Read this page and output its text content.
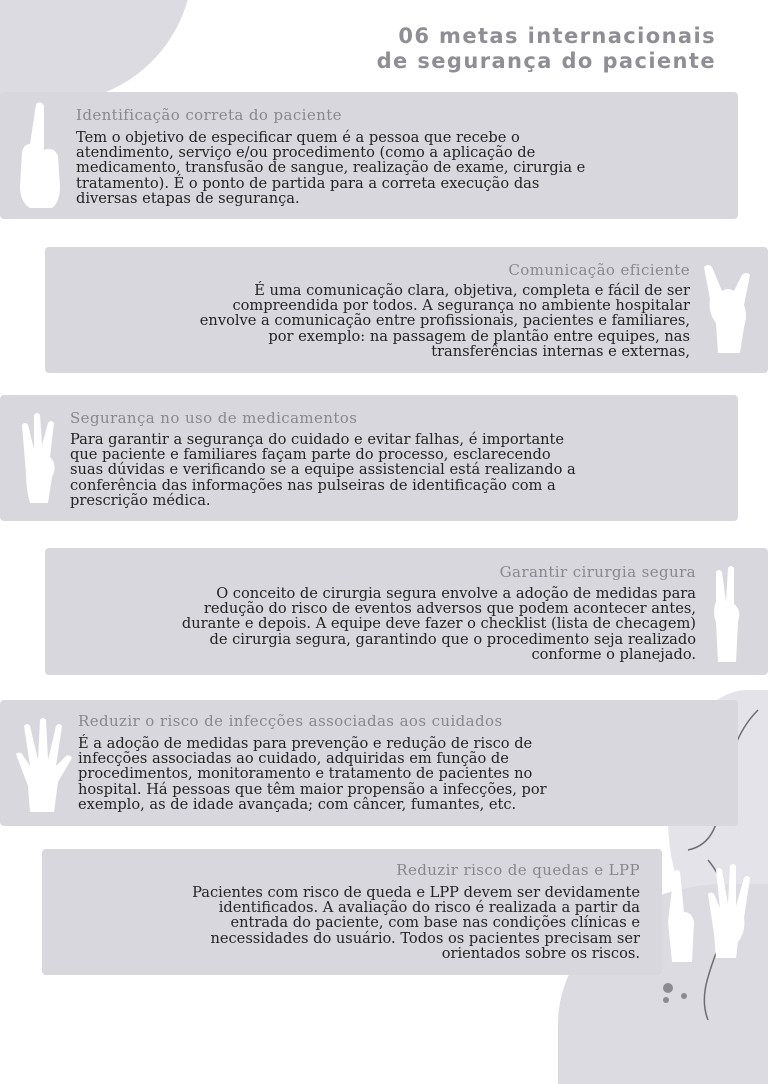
06 metas internacionais
de segurança do paciente
Identificação correta do paciente
Tem o objetivo de especificar quem é a pessoa que recebe o
atendimento, serviço e/ou procedimento (como a aplicação de
medicamento, transfusão de sangue, realização de exame, cirurgia e
tratamento). É o ponto de partida para a correta execução das
diversas etapas de segurança.
Comunicação eficiente
É uma comunicação clara, objetiva, completa e fácil de ser
compreendida por todos. A segurança no ambiente hospitalar
envolve a comunicação entre profissionais, pacientes e familiares,
por exemplo: na passagem de plantão entre equipes, nas
transferências internas e externas,
Segurança no uso de medicamentos
Para garantir a segurança do cuidado e evitar falhas, é importante
que paciente e familiares façam parte do processo, esclarecendo
suas dúvidas e verificando se a equipe assistencial está realizando a
conferência das informações nas pulseiras de identificação com a
prescrição médica.
Garantir cirurgia segura
O conceito de cirurgia segura envolve a adoção de medidas para
redução do risco de eventos adversos que podem acontecer antes,
durante e depois. A equipe deve fazer o checklist (lista de checagem)
de cirurgia segura, garantindo que o procedimento seja realizado
conforme o planejado.
Reduzir o risco de infecções associadas aos cuidados
É a adoção de medidas para prevenção e redução de risco de
infecções associadas ao cuidado, adquiridas em função de
procedimentos, monitoramento e tratamento de pacientes no
hospital. Há pessoas que têm maior propensão a infecções, por
exemplo, as de idade avançada; com câncer, fumantes, etc.
Reduzir risco de quedas e LPP
Pacientes com risco de queda e LPP devem ser devidamente
identificados. A avaliação do risco é realizada a partir da
entrada do paciente, com base nas condições clínicas e
necessidades do usuário. Todos os pacientes precisam ser
orientados sobre os riscos.
